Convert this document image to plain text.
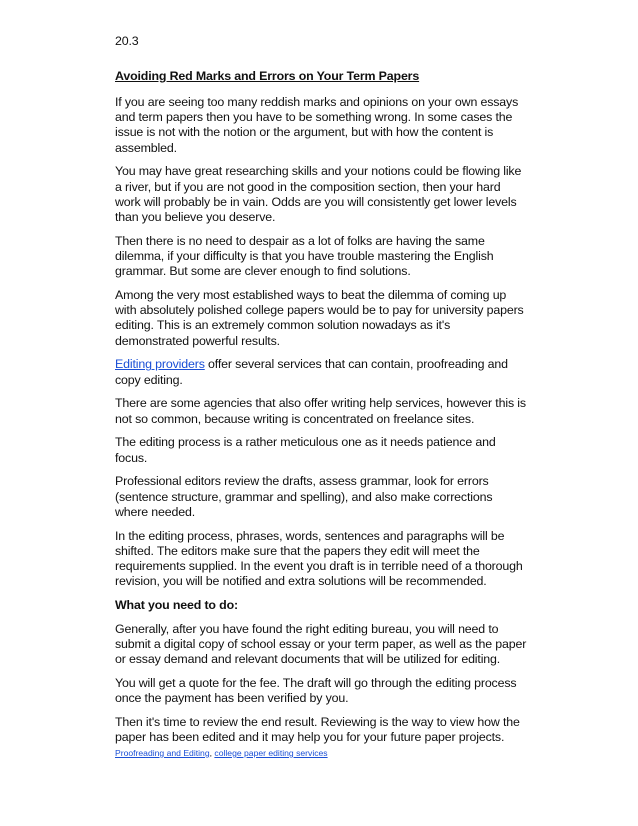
20.3
Avoiding Red Marks and Errors on Your Term Papers

If you are seeing too many reddish marks and opinions on your own essays and term papers then you have to be something wrong. In some cases the issue is not with the notion or the argument, but with how the content is assembled.

You may have great researching skills and your notions could be flowing like a river, but if you are not good in the composition section, then your hard work will probably be in vain. Odds are you will consistently get lower levels than you believe you deserve.

Then there is no need to despair as a lot of folks are having the same dilemma, if your difficulty is that you have trouble mastering the English grammar. But some are clever enough to find solutions.

Among the very most established ways to beat the dilemma of coming up with absolutely polished college papers would be to pay for university papers editing. This is an extremely common solution nowadays as it's demonstrated powerful results.

Editing providers offer several services that can contain, proofreading and copy editing.

There are some agencies that also offer writing help services, however this is not so common, because writing is concentrated on freelance sites.

The editing process is a rather meticulous one as it needs patience and focus.

Professional editors review the drafts, assess grammar, look for errors (sentence structure, grammar and spelling), and also make corrections where needed.

In the editing process, phrases, words, sentences and paragraphs will be shifted. The editors make sure that the papers they edit will meet the requirements supplied. In the event you draft is in terrible need of a thorough revision, you will be notified and extra solutions will be recommended.

What you need to do:

Generally, after you have found the right editing bureau, you will need to submit a digital copy of school essay or your term paper, as well as the paper or essay demand and relevant documents that will be utilized for editing.

You will get a quote for the fee. The draft will go through the editing process once the payment has been verified by you.

Then it's time to review the end result. Reviewing is the way to view how the paper has been edited and it may help you for your future paper projects.

Proofreading and Editing, college paper editing services
